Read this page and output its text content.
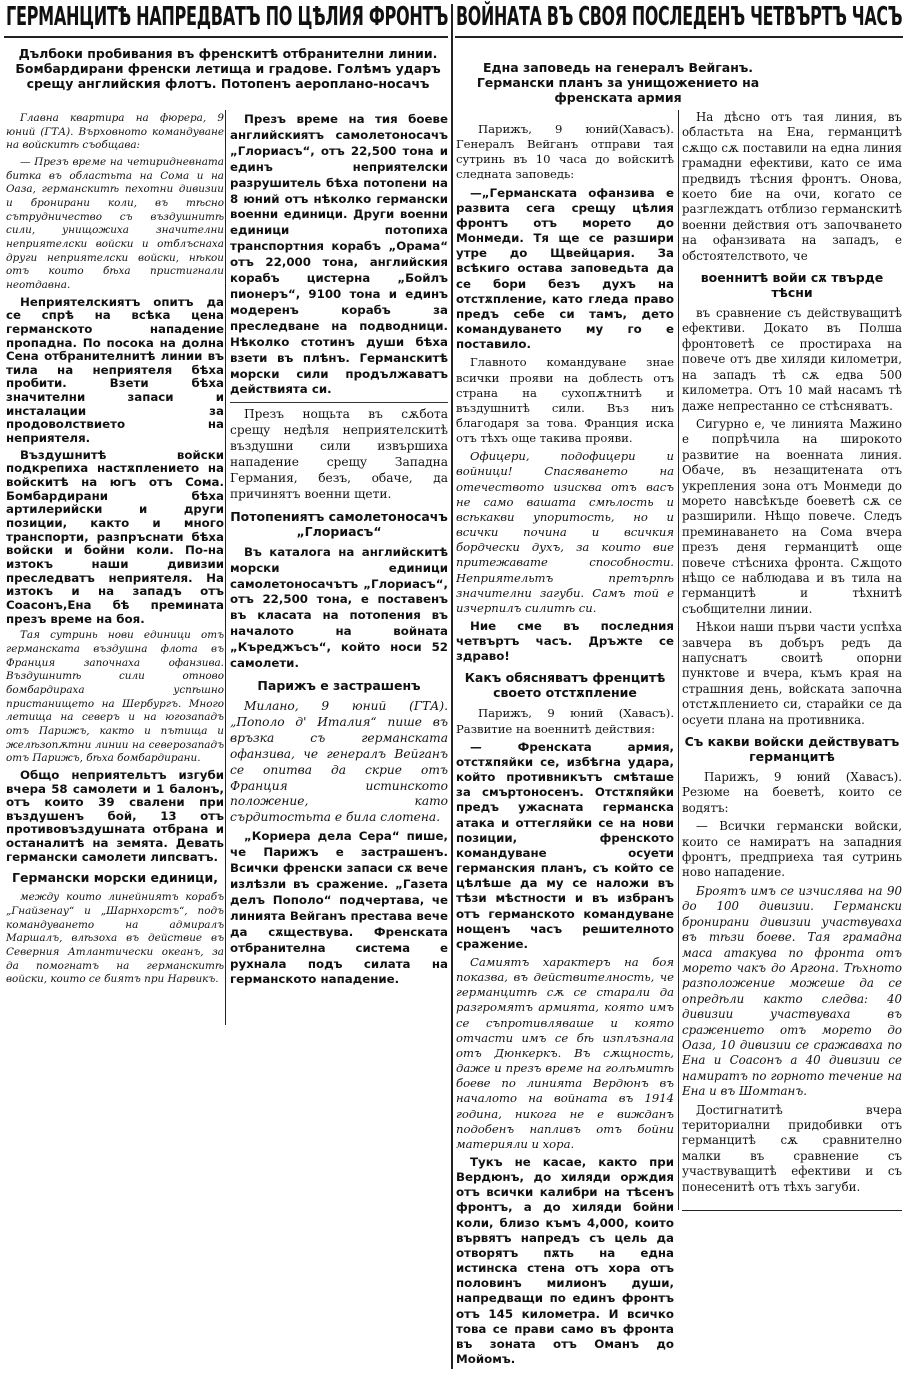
ГЕРМАНЦИТѢ НАПРЕДВАТЪ ПО ЦѢЛИЯ ФРОНТЪ
Дълбоки пробивания въ френскитѣ отбранителни линии. Бомбардирани френски летища и градове. Голѣмъ ударъ срещу английския флотъ. Потопенъ аероплано-носачъ

Главна квартира на фюрера, 9 юний (ГТА). Върховното командуване на войскитѣ съобщава:

— Презъ време на четиридневната битка въ областьта на Сома и на Оаза, германскитѣ пехотни дивизии и бронирани коли, въ тѣсно сътрудничество съ въздушнитѣ сили, унищожиха значителни неприятелски войски и отблъснаха други неприятелски войски, нѣкои отъ които бѣха пристигнали неотдавна.

Неприятелскиятъ опитъ да се спрѣ на всѣка цена германското нападение пропадна. По посока на долна Сена отбранителнитѣ линии въ тила на неприятеля бѣха пробити. Взети бѣха значителни запаси и инсталации за продоволствието на неприятеля.

Въздушнитѣ войски подкрепиха настѫплението на войскитѣ на югъ отъ Сома. Бомбардирани бѣха артилерийски и други позиции, както и много транспорти, разпръснати бѣха войски и бойни коли. По-на изтокъ наши дивизии преследватъ неприятеля. На изтокъ и на западъ отъ Соасонъ,Ена бѣ преминатa презъ време на боя.

Тая сутринь нови единици отъ германската въздушна флота въ Франция започнаха офанзива. Въздушнитѣ сили отново бомбардираха успѣшно пристанището на Шербургъ. Много летища на северъ и на югозападъ отъ Парижъ, както и пътища и желѣзопѫтни линии на северозападъ отъ Парижъ, бѣха бомбардирани.

Общо неприятельтъ изгуби вчера 58 самолети и 1 балонъ, отъ които 39 свалени при въздушенъ бой, 13 отъ противовъздушната отбрана и останалитѣ на земята. Девать германски самолети липсватъ.

Германски морски единици,

между които линейниятъ корабъ „Гнайзенау“ и „Шарнхорстъ“, подъ командуването на адмиралъ Маршалъ, влѣзоха въ действие въ Северния Атлантически океанъ, за да помогнатъ на германскитѣ войски, които се биятъ при Нарвикъ.

Презъ време на тия боеве английскиятъ самолетоносачъ „Глориасъ“, отъ 22,500 тона и единъ неприятелски разрушитель бѣха потопени на 8 юний отъ нѣколко германски военни единици. Други военни единици потопиха транспортния корабъ „Орама“ отъ 22,000 тона, английския корабъ цистерна „Бойлъ пионеръ“, 9100 тона и единъ модеренъ корабъ за преследване на подводници. Нѣколко стотинъ души бѣха взети въ плѣнъ. Германскитѣ морски сили продължаватъ действията си.

Презъ нощьта въ сѫбота срещу недѣля неприятелскитѣ въздушни сили извършиха нападение срещу Западна Германия, безъ, обаче, да причинятъ военни щети.

Потопениятъ самолетоносачъ „Глориасъ“

Въ каталога на английскитѣ морски единици самолетоносачътъ „Глориасъ“, отъ 22,500 тона, е поставенъ въ класата на потопения въ началото на войната „Къреджъсъ“, който носи 52 самолети.

Парижъ е застрашенъ

Милано, 9 юний (ГТА). „Пополо д' Италия“ пише въ връзка съ германската офанзива, че генералъ Вейганъ се опитва да скрие отъ Франция истинското положение, като сърдитостьта е била слотена.

„Кориера дела Сера“ пише, че Парижъ е застрашенъ. Всички френски запаси сѫ вече излѣзли въ сражение. „Газета делъ Пополо“ подчертава, че линията Вейганъ престава вече да сѫществува. Френската отбранителна система е рухнала подъ силата на германското нападение.

ВОЙНАТА ВЪ СВОЯ ПОСЛЕДЕНЪ ЧЕТВЪРТЪ ЧАСЪ
Една заповедь на генералъ Вейганъ. Германски планъ за унищожението на френската армия

Парижъ, 9 юний(Хавасъ). Генералъ Вейганъ отправи тая сутринь въ 10 часа до войскитѣ следната заповедь:

—„Германската офанзива е развита сега срещу цѣлия фронтъ отъ морето до Монмеди. Тя ще се разшири утре до Щвейцария. За всѣкиго остава заповедьта да се бори безъ духъ на отстѫпление, като гледа право предъ себе си тамъ, дето командуването му го е поставило.

Главното командуване знае всички прояви на доблесть отъ страна на сухопѫтнитѣ и въздушнитѣ сили. Въз ниъ благодаря за това. Франция иска отъ тѣхъ още такива прояви.

Офицери, подофицери и войници! Спасяването на отечеството изисква отъ васъ не само вашата смѣлость и всѣкакви упоритость, но и всички почина и всичкия бордчески духъ, за които вие притежавате способности. Неприятельтъ претърпѣ значителни загуби. Самъ той е изчерпилъ силитѣ си.

Ние сме въ последния четвъртъ часъ. Дръжте се здраво!

Какъ обясняватъ френцитѣ своето отстѫпление

Парижъ, 9 юний (Хавасъ). Развитие на военнитѣ действия:

— Френската армия, отстѫпяйки се, избѣгна удара, който противникътъ смѣташе за смъртоносенъ. Отстѫпяйки предъ ужасната германска атака и оттегляйки се на нови позиции, френското командуване осуети германския планъ, съ който се цѣлѣше да му се наложи въ тѣзи мѣстности и въ избранъ отъ германското командуване нощенъ часъ решителното сражение.

Самиятъ характеръ на боя показва, въ действителность, че германцитѣ сѫ се старали да разгромятъ армията, която имъ се съпротивляваше и която отчасти имъ се бѣ изплъзнала отъ Дюнкеркъ. Въ сѫщность, даже и презъ време на голѣмитѣ боеве по линията Вердюнъ въ началото на войната въ 1914 година, никога не е вижданъ подобенъ напливъ отъ бойни материяли и хора.

Тукъ не касае, както при Вердюнъ, до хиляди орждия отъ всички калибри на тѣсенъ фронтъ, а до хиляди бойни коли, близо къмъ 4,000, които вървятъ напредъ съ цель да отворятъ пѫть на една истинска стена отъ хора отъ половинъ милионъ души, напредващи по единъ фронтъ отъ 145 километра. И всичко това се прави само въ фронта въ зоната отъ Оманъ до Мойомъ.

На дѣсно отъ тая линия, въ областьта на Ена, германцитѣ сѫщо сѫ поставили на една линия грамадни ефективи, като се има предвидъ тѣсния фронтъ. Онова, което бие на очи, когато се разглеждатъ отблизо германскитѣ военни действия отъ започването на офанзивата на западъ, е обстоятелството, че

военнитѣ войи сѫ твърде тѣсни

въ сравнение съ действуващитѣ ефективи. Докато въ Полша фронтоветѣ се простираха на повече отъ две хиляди километри, на западъ тѣ сѫ едва 500 километра. Отъ 10 май насамъ тѣ даже непрестанно се стѣсняватъ.

Сигурно е, че линията Мажино е попрѣчила на широкото развитие на военната линия. Обаче, въ незащитената отъ укрепления зона отъ Монмеди до морето навсѣкъде боеветѣ сѫ се разширили. Нѣщо повече. Следъ преминаването на Сома вчера презъ деня германцитѣ още повече стѣсниха фронта. Сѫщото нѣщо се наблюдава и въ тила на германцитѣ и тѣхнитѣ съобщителни линии.

Нѣкои наши първи части успѣха завчера въ добъръ редъ да напуснатъ своитѣ опорни пунктове и вчера, къмъ края на страшния день, войската започна отстѫплението си, старайки се да осуети плана на противника.

Съ какви войски действуватъ германцитѣ

Парижъ, 9 юний (Хавасъ). Резюме на боеветѣ, които се водятъ:

— Всички германски войски, които се намиратъ на западния фронтъ, предприеха тая сутринь ново нападение.

Броятъ имъ се изчислява на 90 до 100 дивизии. Германски бронирани дивизии участвуваха въ тѣзи боеве. Тая грамадна маса атакува по фронта отъ морето чакъ до Аргона. Тѣхното разположение можеше да се опредѣли както следва: 40 дивизии участвуваха въ сражението отъ морето до Оаза, 10 дивизии се сражаваха по Ена и Соасонъ а 40 дивизии се намиратъ по горното течение на Ена и въ Шомтанъ.

Достигнатитѣ вчера териториални придобивки отъ германцитѣ сѫ сравнително малки въ сравнение съ участвуващитѣ ефективи и съ понесенитѣ отъ тѣхъ загуби.
